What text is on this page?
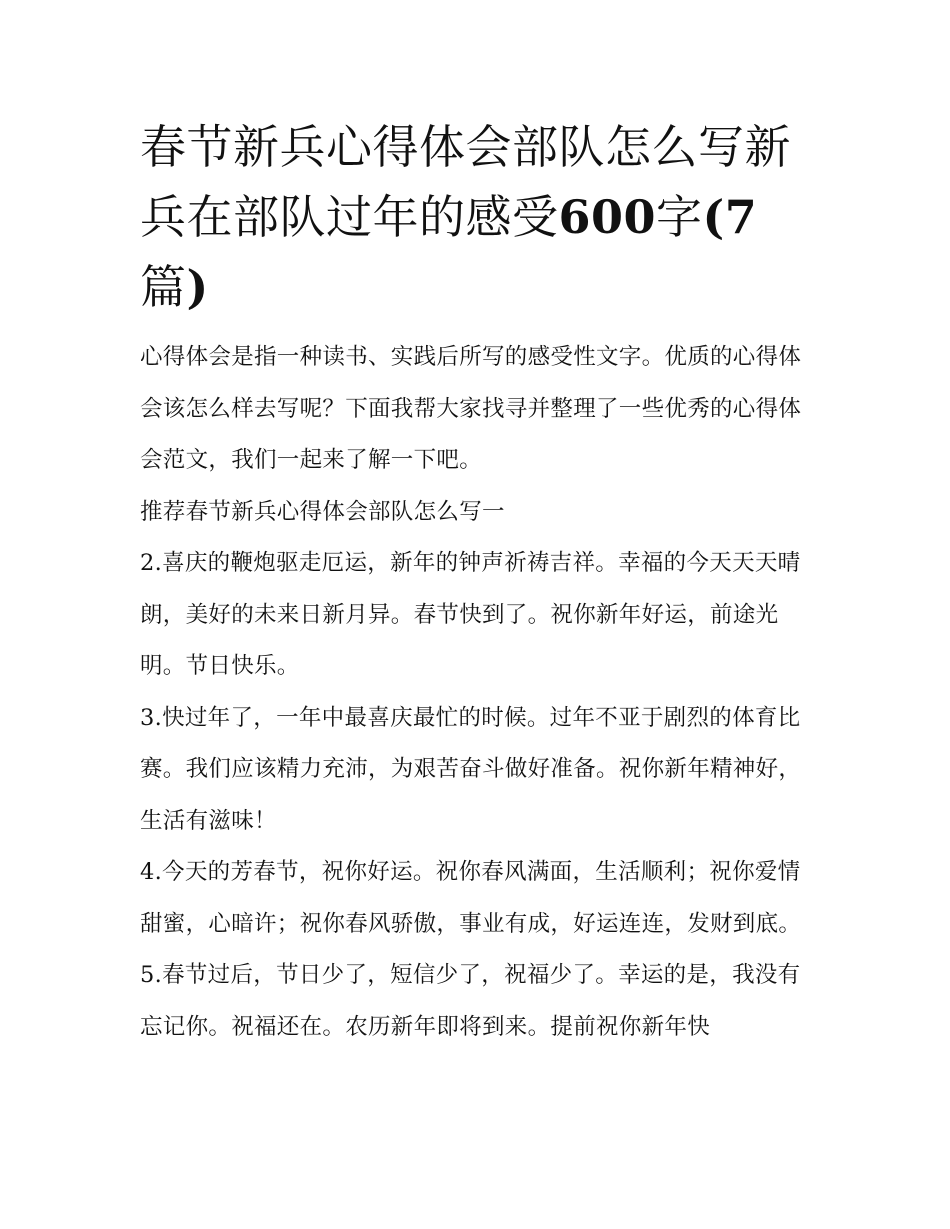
春节新兵心得体会部队怎么写新兵在部队过年的感受600字(7篇)

心得体会是指一种读书、实践后所写的感受性文字。优质的心得体会该怎么样去写呢？下面我帮大家找寻并整理了一些优秀的心得体会范文，我们一起来了解一下吧。

推荐春节新兵心得体会部队怎么写一

2.喜庆的鞭炮驱走厄运，新年的钟声祈祷吉祥。幸福的今天天天晴朗，美好的未来日新月异。春节快到了。祝你新年好运，前途光明。节日快乐。

3.快过年了，一年中最喜庆最忙的时候。过年不亚于剧烈的体育比赛。我们应该精力充沛，为艰苦奋斗做好准备。祝你新年精神好，生活有滋味！

4.今天的芳春节，祝你好运。祝你春风满面，生活顺利；祝你爱情甜蜜，心暗许；祝你春风骄傲，事业有成，好运连连，发财到底。

5.春节过后，节日少了，短信少了，祝福少了。幸运的是，我没有忘记你。祝福还在。农历新年即将到来。提前祝你新年快
